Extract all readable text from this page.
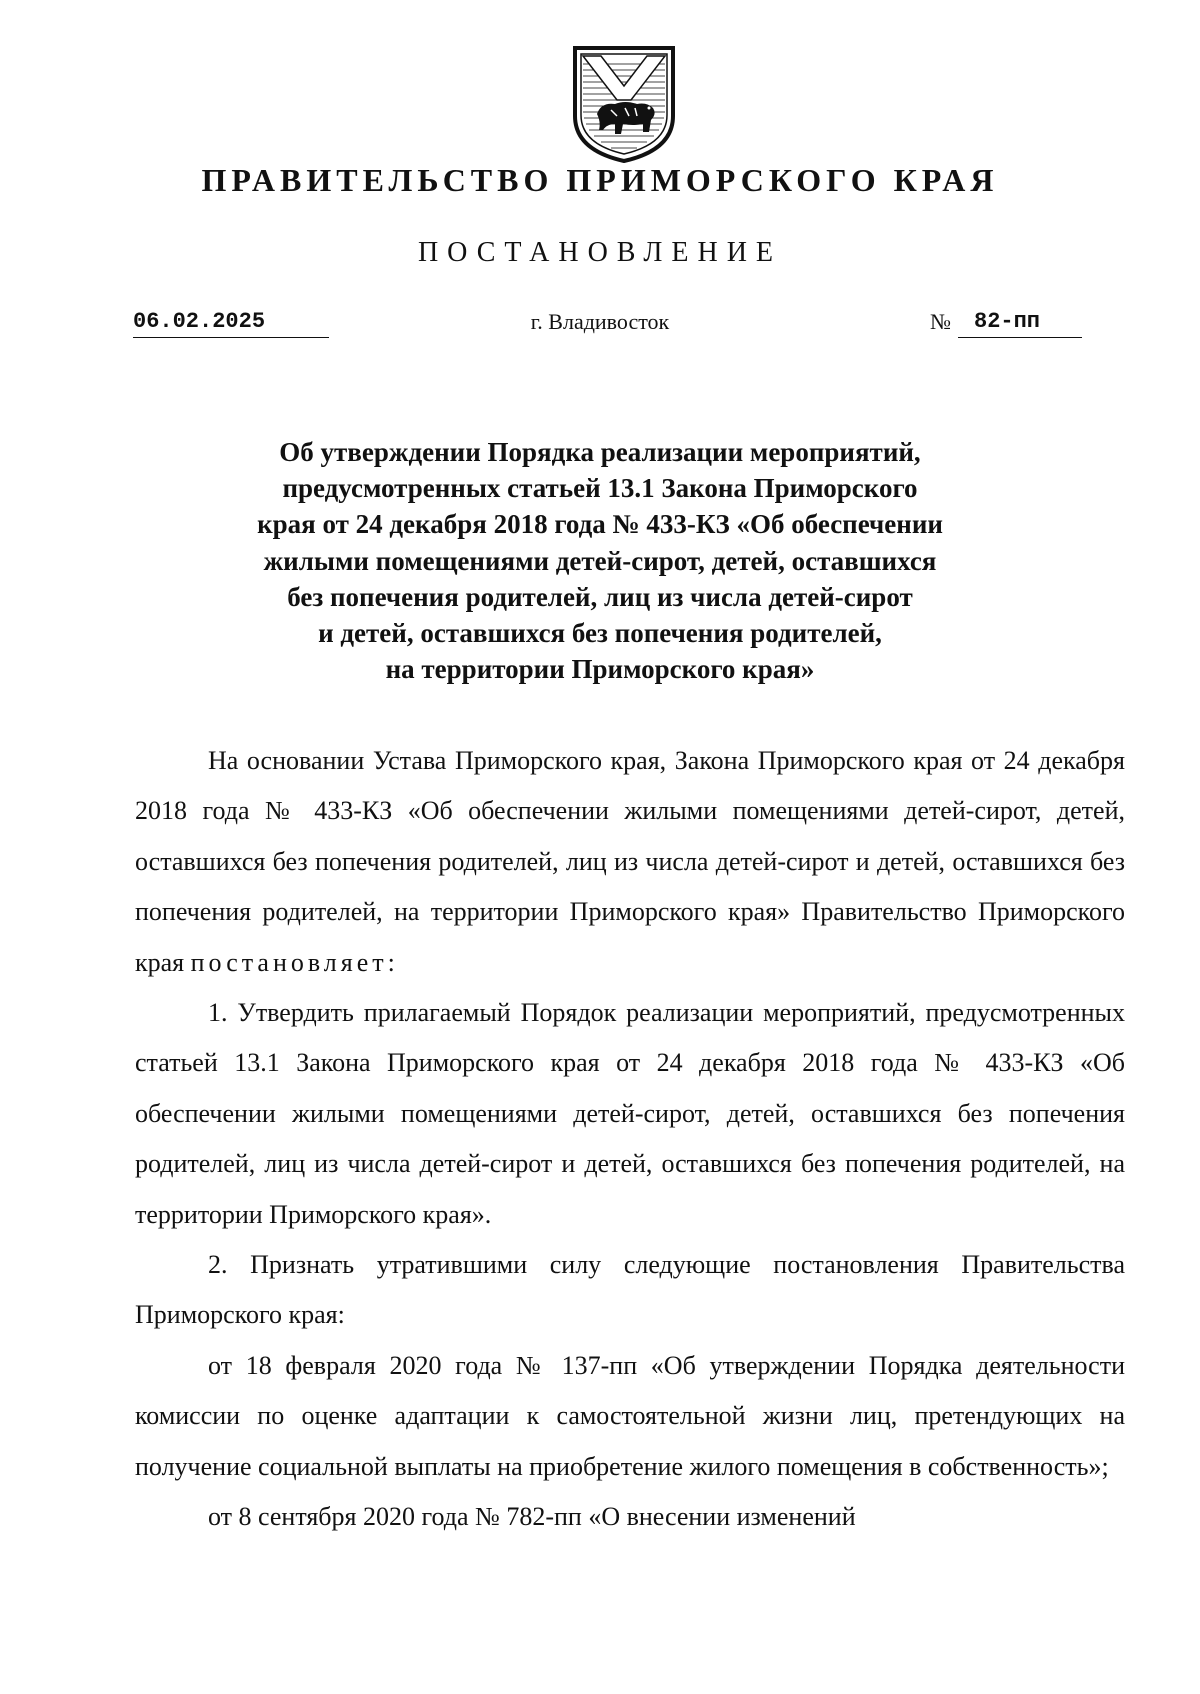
ПРАВИТЕЛЬСТВО ПРИМОРСКОГО КРАЯ
ПОСТАНОВЛЕНИЕ
06.02.2025	г. Владивосток	№	82-пп
Об утверждении Порядка реализации мероприятий,
предусмотренных статьей 13.1 Закона Приморского
края от 24 декабря 2018 года № 433-КЗ «Об обеспечении
жилыми помещениями детей-сирот, детей, оставшихся
без попечения родителей, лиц из числа детей-сирот
и детей, оставшихся без попечения родителей,
на территории Приморского края»

На основании Устава Приморского края, Закона Приморского края от 24 декабря 2018 года № 433-КЗ «Об обеспечении жилыми помещениями детей-сирот, детей, оставшихся без попечения родителей, лиц из числа детей-сирот и детей, оставшихся без попечения родителей, на территории Приморского края» Правительство Приморского края постановляет:

1. Утвердить прилагаемый Порядок реализации мероприятий, предусмотренных статьей 13.1 Закона Приморского края от 24 декабря 2018 года № 433-КЗ «Об обеспечении жилыми помещениями детей-сирот, детей, оставшихся без попечения родителей, лиц из числа детей-сирот и детей, оставшихся без попечения родителей, на территории Приморского края».

2. Признать утратившими силу следующие постановления Правительства Приморского края:

от 18 февраля 2020 года № 137-пп «Об утверждении Порядка деятельности комиссии по оценке адаптации к самостоятельной жизни лиц, претендующих на получение социальной выплаты на приобретение жилого помещения в собственность»;

от 8 сентября 2020 года № 782-пп «О внесении изменений
